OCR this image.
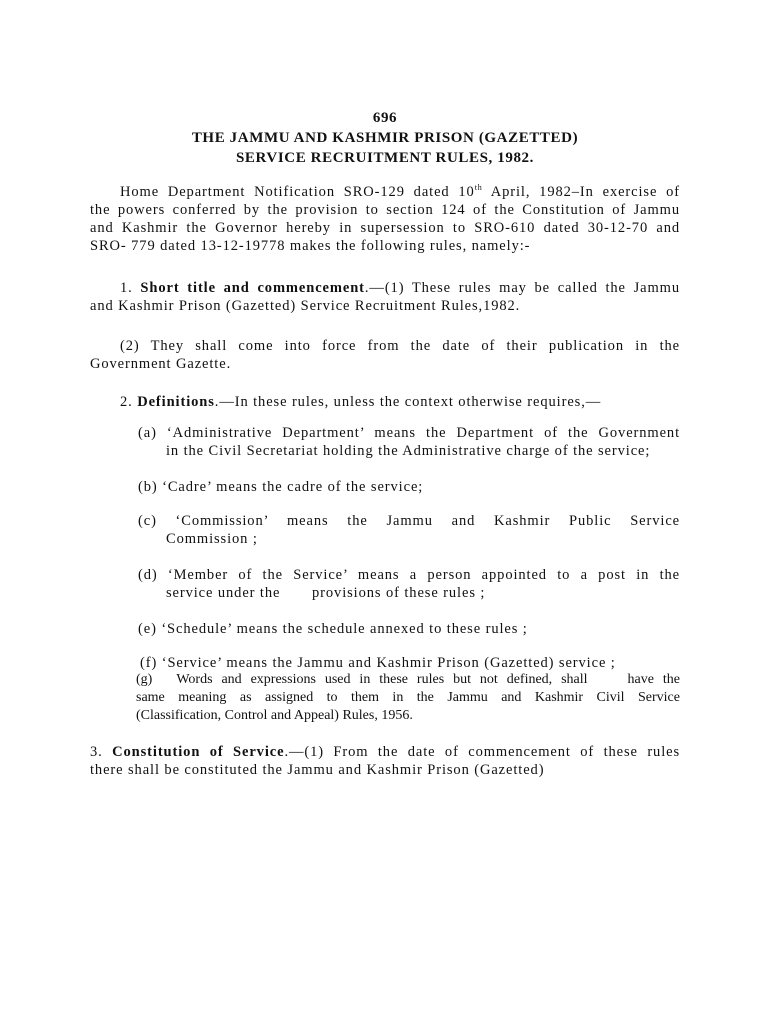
696
THE JAMMU AND KASHMIR PRISON (GAZETTED)
SERVICE RECRUITMENT RULES, 1982.
Home Department Notification SRO-129 dated 10th April, 1982–In exercise of
the powers conferred by the provision to section 124 of the Constitution of Jammu
and Kashmir the Governor hereby in supersession to SRO-610 dated 30-12-70 and
SRO- 779 dated 13-12-19778 makes the following rules, namely:-
1. Short title and commencement.—(1) These rules may be called the Jammu
and Kashmir Prison (Gazetted) Service Recruitment Rules,1982.
(2) They shall come into force from the date of their publication in the
Government Gazette.
2. Definitions.—In these rules, unless the context otherwise requires,—
(a) ‘Administrative Department’ means the Department of the Government
in the Civil Secretariat holding the Administrative charge of the service;
(b) ‘Cadre’ means the cadre of the service;
(c) ‘Commission’ means the Jammu and Kashmir Public Service
Commission ;
(d) ‘Member of the Service’ means a person appointed to a post in the
service under the       provisions of these rules ;
(e) ‘Schedule’ means the schedule annexed to these rules ;
(f) ‘Service’ means the Jammu and Kashmir Prison (Gazetted) service ;
(g) Words and expressions used in these rules but not defined, shall	have the
same meaning as assigned to them in the Jammu and Kashmir Civil Service
(Classification, Control and Appeal) Rules, 1956.
3. Constitution of Service.—(1) From the date of commencement of these rules
there shall be constituted the Jammu and Kashmir Prison (Gazetted)
